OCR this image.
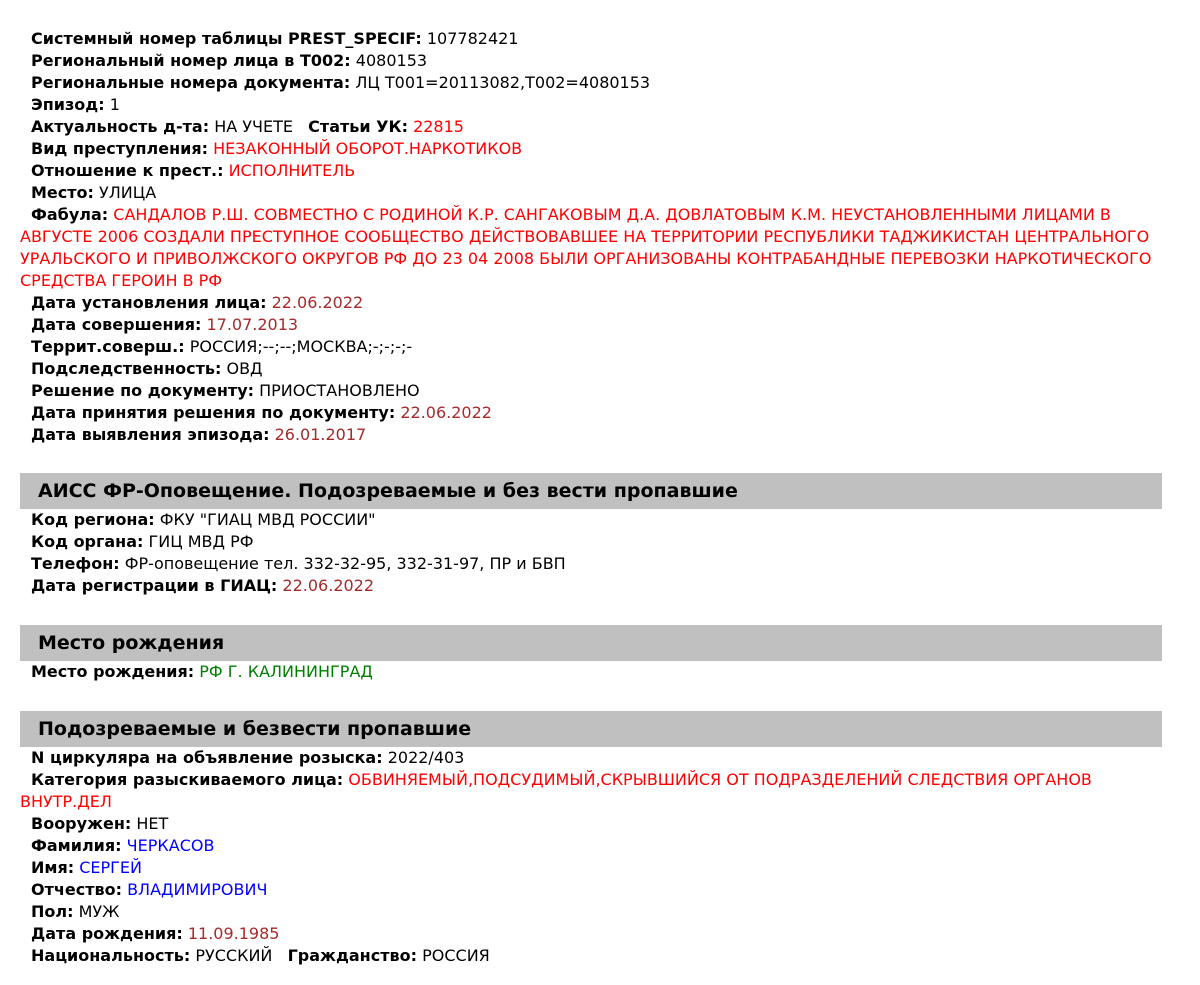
Системный номер таблицы PREST_SPECIF: 107782421
Региональный номер лица в Т002: 4080153
Региональные номера документа: ЛЦ Т001=20113082,Т002=4080153
Эпизод: 1
Актуальность д-та: НА УЧЕТЕ Статьи УК: 22815
Вид преступления: НЕЗАКОННЫЙ ОБОРОТ.НАРКОТИКОВ
Отношение к прест.: ИСПОЛНИТЕЛЬ
Место: УЛИЦА
Фабула: САНДАЛОВ Р.Ш. СОВМЕСТНО С РОДИНОЙ К.Р. САНГАКОВЫМ Д.А. ДОВЛАТОВЫМ К.М. НЕУСТАНОВЛЕННЫМИ ЛИЦАМИ В АВГУСТЕ 2006 СОЗДАЛИ ПРЕСТУПНОЕ СООБЩЕСТВО ДЕЙСТВОВАВШЕЕ НА ТЕРРИТОРИИ РЕСПУБЛИКИ ТАДЖИКИСТАН ЦЕНТРАЛЬНОГО УРАЛЬСКОГО И ПРИВОЛЖСКОГО ОКРУГОВ РФ ДО 23 04 2008 БЫЛИ ОРГАНИЗОВАНЫ КОНТРАБАНДНЫЕ ПЕРЕВОЗКИ НАРКОТИЧЕСКОГО СРЕДСТВА ГЕРОИН В РФ
Дата установления лица: 22.06.2022
Дата совершения: 17.07.2013
Террит.соверш.: РОССИЯ;--;--;МОСКВА;-;-;-;-
Подследственность: ОВД
Решение по документу: ПРИОСТАНОВЛЕНО
Дата принятия решения по документу: 22.06.2022
Дата выявления эпизода: 26.01.2017
АИСС ФР-Оповещение. Подозреваемые и без вести пропавшие
Код региона: ФКУ "ГИАЦ МВД РОССИИ"
Код органа: ГИЦ МВД РФ
Телефон: ФР-оповещение тел. 332-32-95, 332-31-97, ПР и БВП
Дата регистрации в ГИАЦ: 22.06.2022
Место рождения
Место рождения: РФ Г. КАЛИНИНГРАД
Подозреваемые и безвести пропавшие
N циркуляра на объявление розыска: 2022/403
Категория разыскиваемого лица: ОБВИНЯЕМЫЙ,ПОДСУДИМЫЙ,СКРЫВШИЙСЯ ОТ ПОДРАЗДЕЛЕНИЙ СЛЕДСТВИЯ ОРГАНОВ ВНУТР.ДЕЛ
Вооружен: НЕТ
Фамилия: ЧЕРКАСОВ
Имя: СЕРГЕЙ
Отчество: ВЛАДИМИРОВИЧ
Пол: МУЖ
Дата рождения: 11.09.1985
Национальность: РУССКИЙ Гражданство: РОССИЯ
